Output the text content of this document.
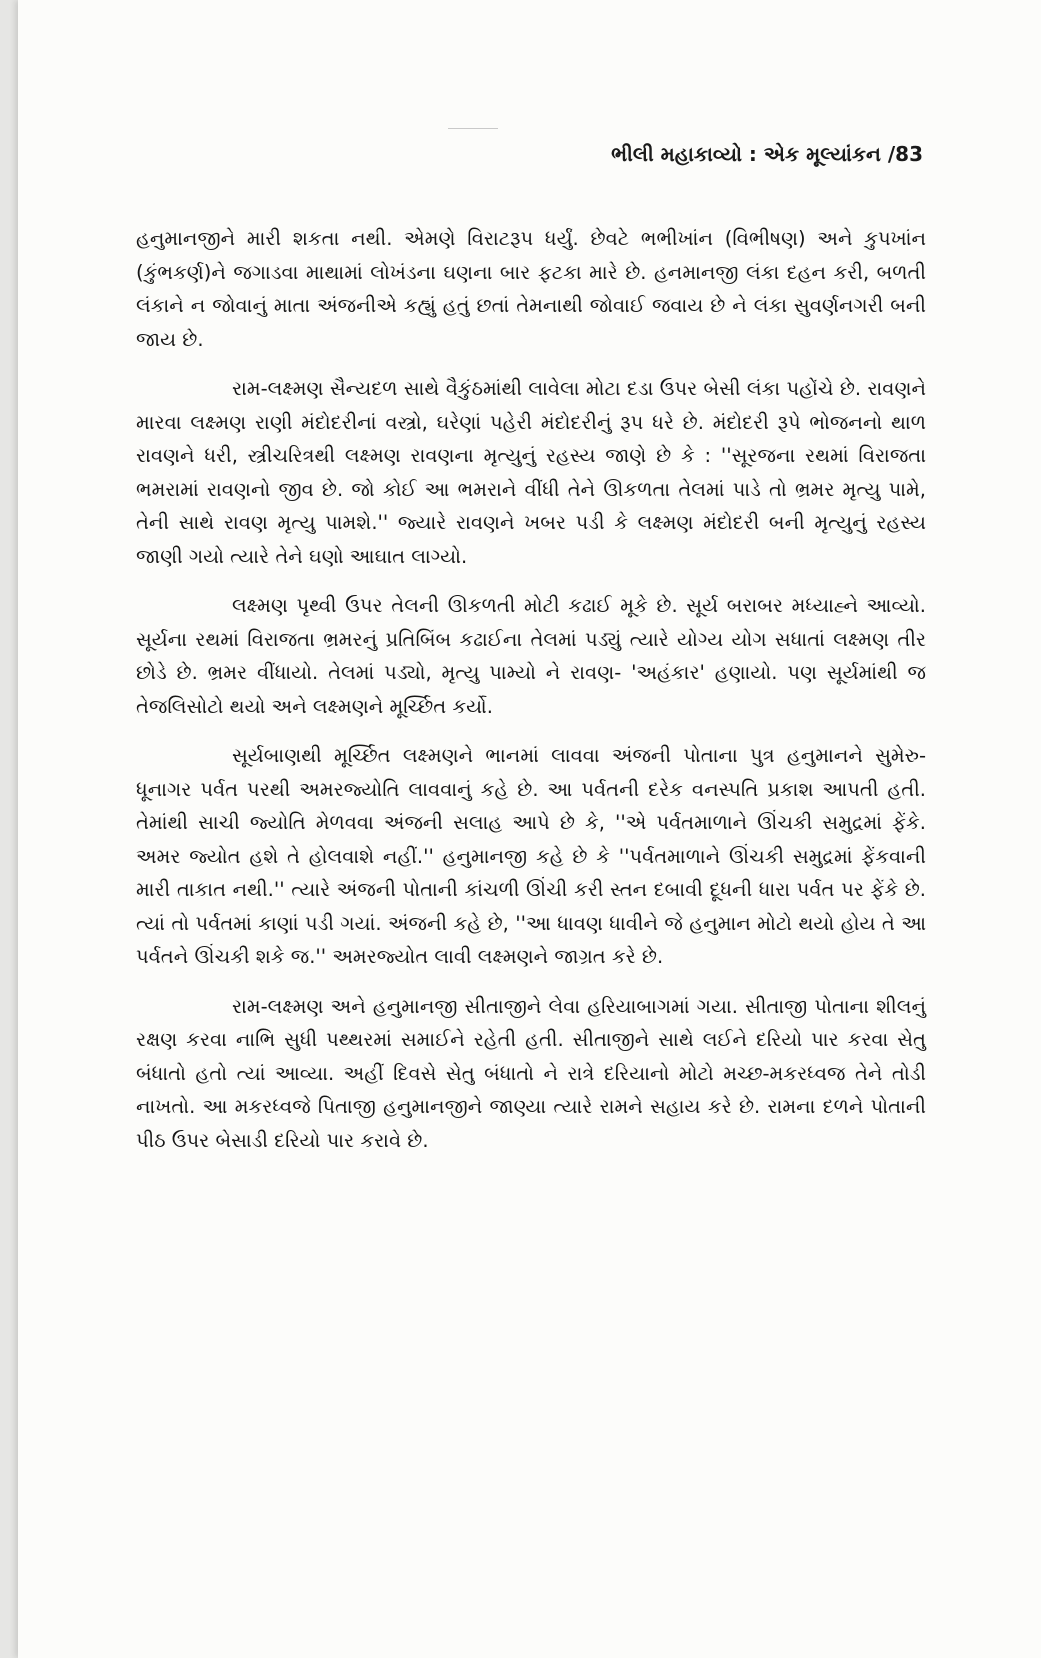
ભીલી મહાકાવ્યો : એક મૂલ્યાંકન /83

હનુમાનજીને મારી શકતા નથી. એમણે વિરાટરૂપ ધર્યું. છેવટે ભભીખાંન (વિભીષણ) અને કુપખાંન (કુંભકર્ણ)ને જગાડવા માથામાં લોખંડના ઘણના બાર ફટકા મારે છે. હનમાનજી લંકા દહન કરી, બળતી લંકાને ન જોવાનું માતા અંજનીએ કહ્યું હતું છતાં તેમનાથી જોવાઈ જવાય છે ને લંકા સુવર્ણનગરી બની જાય છે.

રામ-લક્ષ્મણ સૈન્યદળ સાથે વૈકુંઠમાંથી લાવેલા મોટા દડા ઉપર બેસી લંકા પહોંચે છે. રાવણને મારવા લક્ષ્મણ રાણી મંદોદરીનાં વસ્ત્રો, ઘરેણાં પહેરી મંદોદરીનું રૂપ ધરે છે. મંદોદરી રૂપે ભોજનનો થાળ રાવણને ધરી, સ્ત્રીચરિત્રથી લક્ષ્મણ રાવણના મૃત્યુનું રહસ્ય જાણે છે કે : ''સૂરજના રથમાં વિરાજતા ભમરામાં રાવણનો જીવ છે. જો કોઈ આ ભમરાને વીંધી તેને ઊકળતા તેલમાં પાડે તો ભ્રમર મૃત્યુ પામે, તેની સાથે રાવણ મૃત્યુ પામશે.'' જ્યારે રાવણને ખબર પડી કે લક્ષ્મણ મંદોદરી બની મૃત્યુનું રહસ્ય જાણી ગયો ત્યારે તેને ઘણો આઘાત લાગ્યો.

લક્ષ્મણ પૃથ્વી ઉપર તેલની ઊકળતી મોટી કઢાઈ મૂકે છે. સૂર્ય બરાબર મધ્યાહ્ને આવ્યો. સૂર્યના રથમાં વિરાજતા ભ્રમરનું પ્રતિબિંબ કઢાઈના તેલમાં પડ્યું ત્યારે યોગ્ય યોગ સધાતાં લક્ષ્મણ તીર છોડે છે. ભ્રમર વીંધાયો. તેલમાં પડ્યો, મૃત્યુ પામ્યો ને રાવણ- 'અહંકાર' હણાયો. પણ સૂર્યમાંથી જ તેજલિસોટો થયો અને લક્ષ્મણને મૂર્ચ્છિત કર્યો.

સૂર્યબાણથી મૂર્ચ્છિત લક્ષ્મણને ભાનમાં લાવવા અંજની પોતાના પુત્ર હનુમાનને સુમેરુ-ધૂનાગર પર્વત પરથી અમરજ્યોતિ લાવવાનું કહે છે. આ પર્વતની દરેક વનસ્પતિ પ્રકાશ આપતી હતી. તેમાંથી સાચી જ્યોતિ મેળવવા અંજની સલાહ આપે છે કે, ''એ પર્વતમાળાને ઊંચકી સમુદ્રમાં ફેંકે. અમર જ્યોત હશે તે હોલવાશે નહીં.'' હનુમાનજી કહે છે કે ''પર્વતમાળાને ઊંચકી સમુદ્રમાં ફેંકવાની મારી તાકાત નથી.'' ત્યારે અંજની પોતાની કાંચળી ઊંચી કરી સ્તન દબાવી દૂધની ધારા પર્વત પર ફેંકે છે. ત્યાં તો પર્વતમાં કાણાં પડી ગયાં. અંજની કહે છે, ''આ ધાવણ ધાવીને જે હનુમાન મોટો થયો હોય તે આ પર્વતને ઊંચકી શકે જ.'' અમરજ્યોત લાવી લક્ષ્મણને જાગ્રત કરે છે.

રામ-લક્ષ્મણ અને હનુમાનજી સીતાજીને લેવા હરિયાબાગમાં ગયા. સીતાજી પોતાના શીલનું રક્ષણ કરવા નાભિ સુધી પથ્થરમાં સમાઈને રહેતી હતી. સીતાજીને સાથે લઈને દરિયો પાર કરવા સેતુ બંધાતો હતો ત્યાં આવ્યા. અહીં દિવસે સેતુ બંધાતો ને રાત્રે દરિયાનો મોટો મચ્છ-મકરધ્વજ તેને તોડી નાખતો. આ મકરધ્વજે પિતાજી હનુમાનજીને જાણ્યા ત્યારે રામને સહાય કરે છે. રામના દળને પોતાની પીઠ ઉપર બેસાડી દરિયો પાર કરાવે છે.
